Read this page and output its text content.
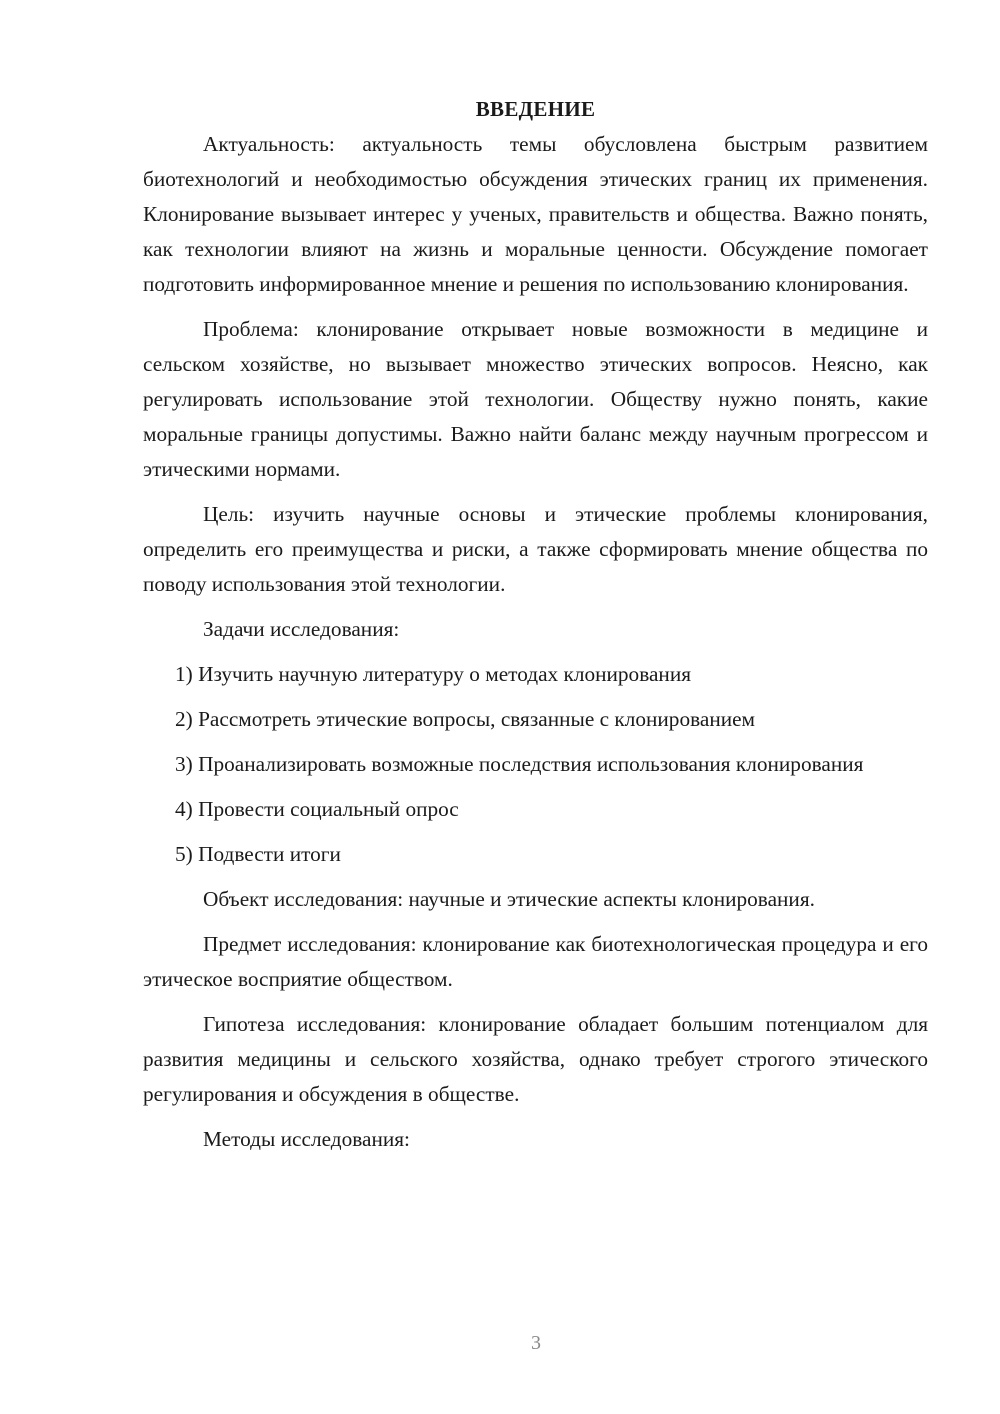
ВВЕДЕНИЕ

Актуальность: актуальность темы обусловлена быстрым развитием биотехнологий и необходимостью обсуждения этических границ их применения. Клонирование вызывает интерес у ученых, правительств и общества. Важно понять, как технологии влияют на жизнь и моральные ценности. Обсуждение помогает подготовить информированное мнение и решения по использованию клонирования.

Проблема: клонирование открывает новые возможности в медицине и сельском хозяйстве, но вызывает множество этических вопросов. Неясно, как регулировать использование этой технологии. Обществу нужно понять, какие моральные границы допустимы. Важно найти баланс между научным прогрессом и этическими нормами.

Цель: изучить научные основы и этические проблемы клонирования, определить его преимущества и риски, а также сформировать мнение общества по поводу использования этой технологии.

Задачи исследования:

1) Изучить научную литературу о методах клонирования

2) Рассмотреть этические вопросы, связанные с клонированием

3) Проанализировать возможные последствия использования клонирования

4) Провести социальный опрос

5) Подвести итоги

Объект исследования: научные и этические аспекты клонирования.

Предмет исследования: клонирование как биотехнологическая процедура и его этическое восприятие обществом.

Гипотеза исследования: клонирование обладает большим потенциалом для развития медицины и сельского хозяйства, однако требует строгого этического регулирования и обсуждения в обществе.

Методы исследования:

3
